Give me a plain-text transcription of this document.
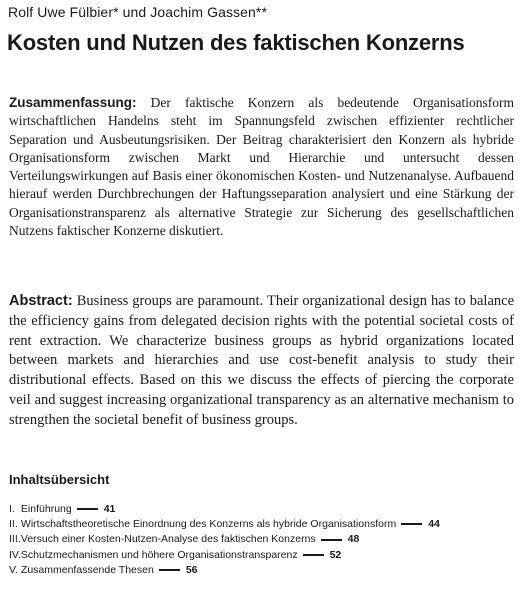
Rolf Uwe Fülbier* und Joachim Gassen**
Kosten und Nutzen des faktischen Konzerns

Zusammenfassung: Der faktische Konzern als bedeutende Organisationsform wirtschaftlichen Handelns steht im Spannungsfeld zwischen effizienter rechtlicher Separation und Ausbeutungsrisiken. Der Beitrag charakterisiert den Konzern als hybride Organisationsform zwischen Markt und Hierarchie und untersucht dessen Verteilungswirkungen auf Basis einer ökonomischen Kosten- und Nutzenanalyse. Aufbauend hierauf werden Durchbrechungen der Haftungsseparation analysiert und eine Stärkung der Organisationstransparenz als alternative Strategie zur Sicherung des gesellschaftlichen Nutzens faktischer Konzerne diskutiert.

Abstract: Business groups are paramount. Their organizational design has to balance the efficiency gains from delegated decision rights with the potential societal costs of rent extraction. We characterize business groups as hybrid organizations located between markets and hierarchies and use cost-benefit analysis to study their distributional effects. Based on this we discuss the effects of piercing the corporate veil and suggest increasing organizational transparency as an alternative mechanism to strengthen the societal benefit of business groups.

Inhaltsübersicht
I. Einführung	41
II. Wirtschaftstheoretische Einordnung des Konzerns als hybride Organisationsform	44
III. Versuch einer Kosten-Nutzen-Analyse des faktischen Konzerns	48
IV. Schutzmechanismen und höhere Organisationstransparenz	52
V. Zusammenfassende Thesen	56
